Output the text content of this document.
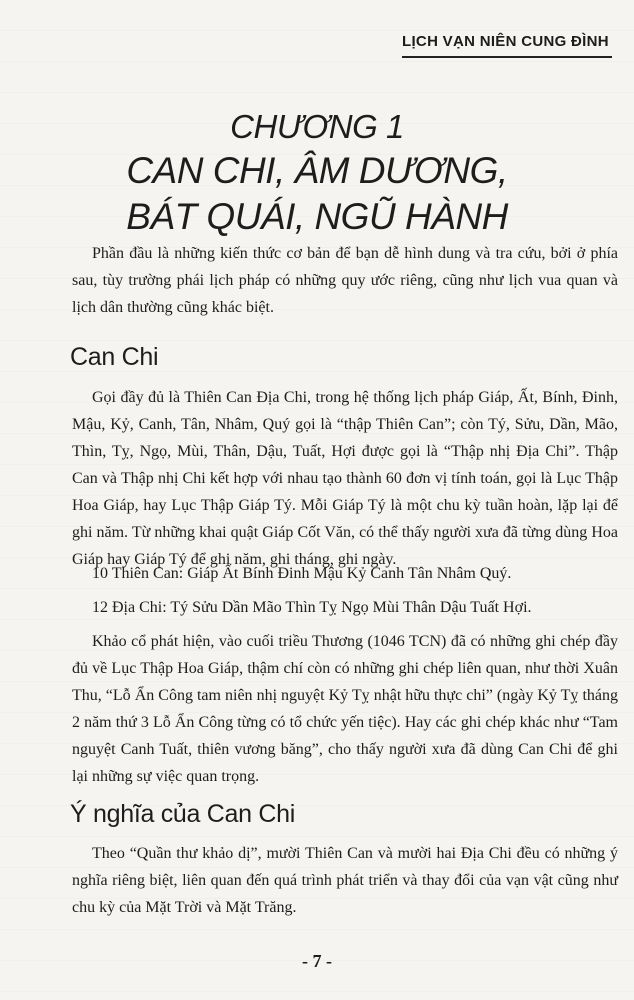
LỊCH VẠN NIÊN CUNG ĐÌNH
CHƯƠNG 1
CAN CHI, ÂM DƯƠNG,
BÁT QUÁI, NGŨ HÀNH

Phần đầu là những kiến thức cơ bản để bạn dễ hình dung và tra cứu, bởi ở phía sau, tùy trường phái lịch pháp có những quy ước riêng, cũng như lịch vua quan và lịch dân thường cũng khác biệt.

Can Chi

Gọi đầy đủ là Thiên Can Địa Chi, trong hệ thống lịch pháp Giáp, Ất, Bính, Đinh, Mậu, Kỷ, Canh, Tân, Nhâm, Quý gọi là “thập Thiên Can”; còn Tý, Sửu, Dần, Mão, Thìn, Tỵ, Ngọ, Mùi, Thân, Dậu, Tuất, Hợi được gọi là “Thập nhị Địa Chi”. Thập Can và Thập nhị Chi kết hợp với nhau tạo thành 60 đơn vị tính toán, gọi là Lục Thập Hoa Giáp, hay Lục Thập Giáp Tý. Mỗi Giáp Tý là một chu kỳ tuần hoàn, lặp lại để ghi năm. Từ những khai quật Giáp Cốt Văn, có thể thấy người xưa đã từng dùng Hoa Giáp hay Giáp Tý để ghi năm, ghi tháng, ghi ngày.

10 Thiên Can: Giáp Ất Bính Đinh Mậu Kỷ Canh Tân Nhâm Quý.

12 Địa Chi: Tý Sửu Dần Mão Thìn Tỵ Ngọ Mùi Thân Dậu Tuất Hợi.

Khảo cổ phát hiện, vào cuối triều Thương (1046 TCN) đã có những ghi chép đầy đủ về Lục Thập Hoa Giáp, thậm chí còn có những ghi chép liên quan, như thời Xuân Thu, “Lỗ Ẩn Công tam niên nhị nguyệt Kỷ Tỵ nhật hữu thực chi” (ngày Kỷ Tỵ tháng 2 năm thứ 3 Lỗ Ẩn Công từng có tổ chức yến tiệc). Hay các ghi chép khác như “Tam nguyệt Canh Tuất, thiên vương băng”, cho thấy người xưa đã dùng Can Chi để ghi lại những sự việc quan trọng.

Ý nghĩa của Can Chi

Theo “Quần thư khảo dị”, mười Thiên Can và mười hai Địa Chi đều có những ý nghĩa riêng biệt, liên quan đến quá trình phát triển và thay đổi của vạn vật cũng như chu kỳ của Mặt Trời và Mặt Trăng.

- 7 -
